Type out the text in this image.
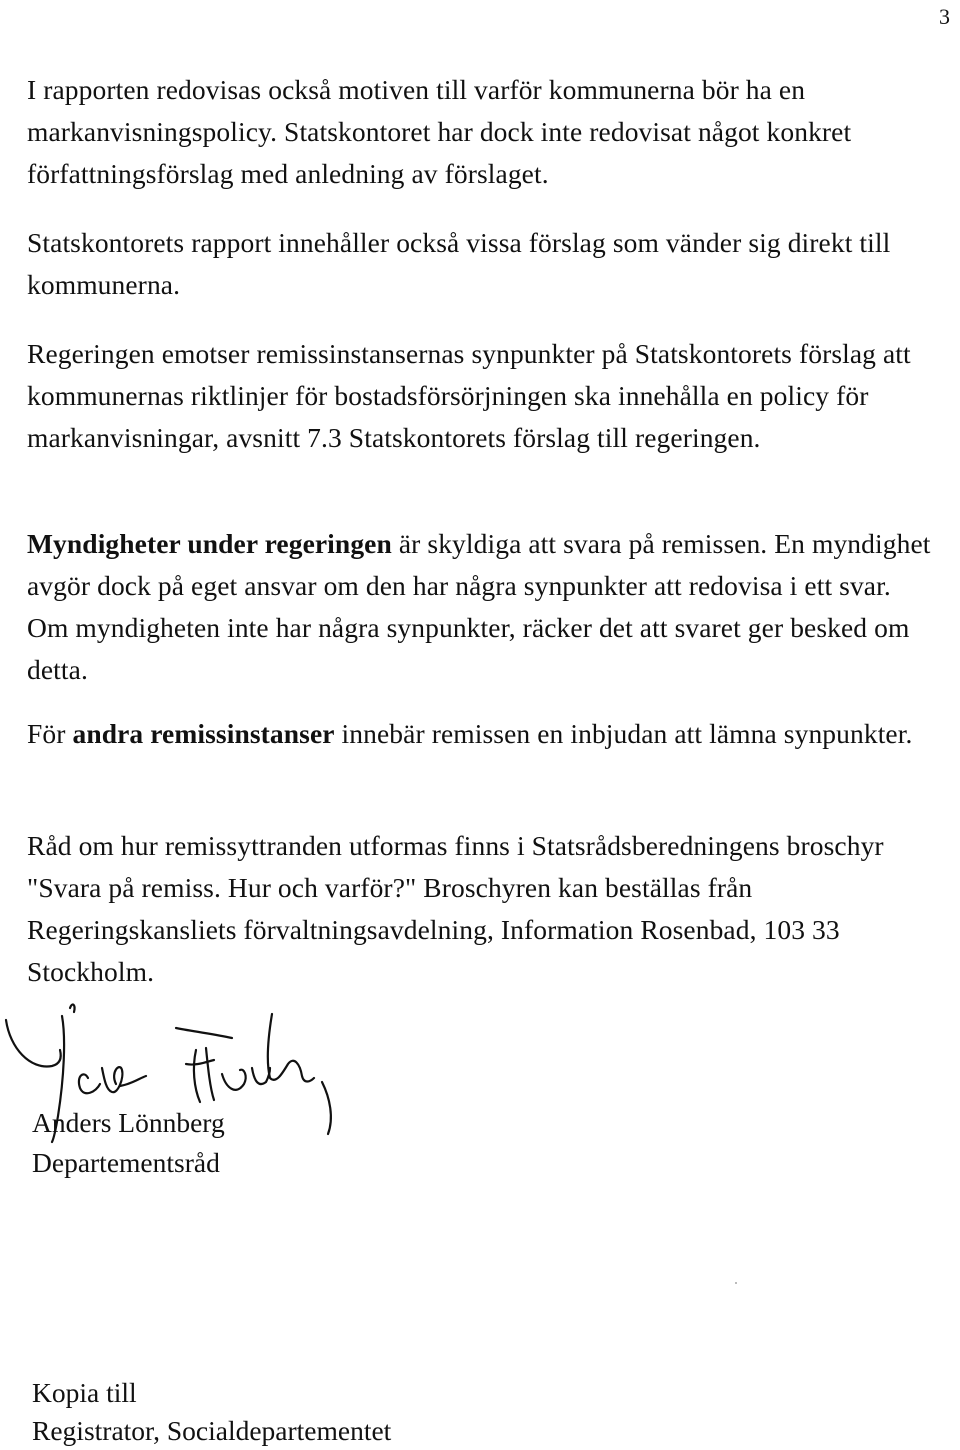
3

I rapporten redovisas också motiven till varför kommunerna bör ha en markanvisningspolicy. Statskontoret har dock inte redovisat något konkret författningsförslag med anledning av förslaget.

Statskontorets rapport innehåller också vissa förslag som vänder sig direkt till kommunerna.

Regeringen emotser remissinstansernas synpunkter på Statskontorets förslag att kommunernas riktlinjer för bostadsförsörjningen ska innehålla en policy för markanvisningar, avsnitt 7.3 Statskontorets förslag till regeringen.

Myndigheter under regeringen är skyldiga att svara på remissen. En myndighet avgör dock på eget ansvar om den har några synpunkter att redovisa i ett svar. Om myndigheten inte har några synpunkter, räcker det att svaret ger besked om detta.

För andra remissinstanser innebär remissen en inbjudan att lämna synpunkter.

Råd om hur remissyttranden utformas finns i Statsrådsberedningens broschyr "Svara på remiss. Hur och varför?" Broschyren kan beställas från Regeringskansliets förvaltningsavdelning, Information Rosenbad, 103 33 Stockholm.

Anders Lönnberg
Departementsråd
Kopia till
Registrator, Socialdepartementet
